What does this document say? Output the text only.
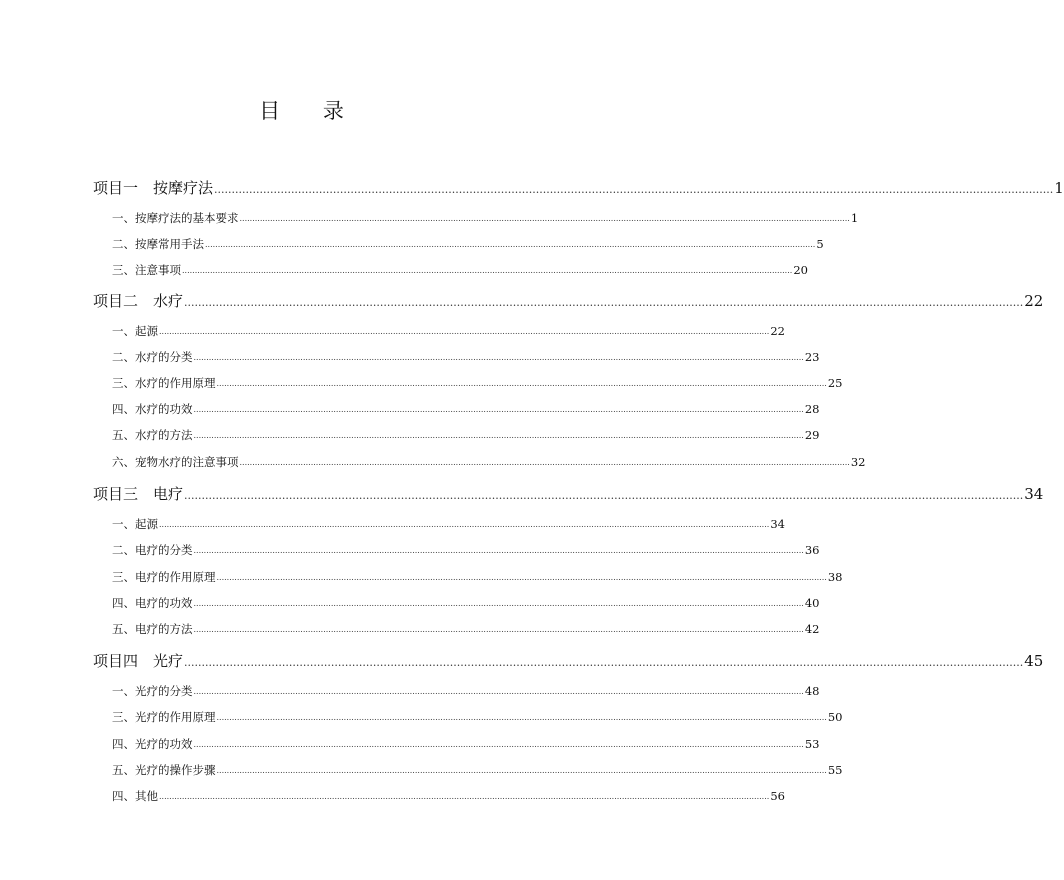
目 录
项目一　按摩疗法 ................................................................................................................................................................................................................................................ 1
一、按摩疗法的基本要求 ................................................................................................................................................................................................................................................ 1
二、按摩常用手法 ................................................................................................................................................................................................................................................ 5
三、注意事项 ................................................................................................................................................................................................................................................ 20
项目二　水疗 ................................................................................................................................................................................................................................................ 22
一、起源 ................................................................................................................................................................................................................................................ 22
二、水疗的分类 ................................................................................................................................................................................................................................................ 23
三、水疗的作用原理 ................................................................................................................................................................................................................................................ 25
四、水疗的功效 ................................................................................................................................................................................................................................................ 28
五、水疗的方法 ................................................................................................................................................................................................................................................ 29
六、宠物水疗的注意事项 ................................................................................................................................................................................................................................................ 32
项目三　电疗 ................................................................................................................................................................................................................................................ 34
一、起源 ................................................................................................................................................................................................................................................ 34
二、电疗的分类 ................................................................................................................................................................................................................................................ 36
三、电疗的作用原理 ................................................................................................................................................................................................................................................ 38
四、电疗的功效 ................................................................................................................................................................................................................................................ 40
五、电疗的方法 ................................................................................................................................................................................................................................................ 42
项目四　光疗 ................................................................................................................................................................................................................................................ 45
一、光疗的分类 ................................................................................................................................................................................................................................................ 48
三、光疗的作用原理 ................................................................................................................................................................................................................................................ 50
四、光疗的功效 ................................................................................................................................................................................................................................................ 53
五、光疗的操作步骤 ................................................................................................................................................................................................................................................ 55
四、其他 ................................................................................................................................................................................................................................................ 56
